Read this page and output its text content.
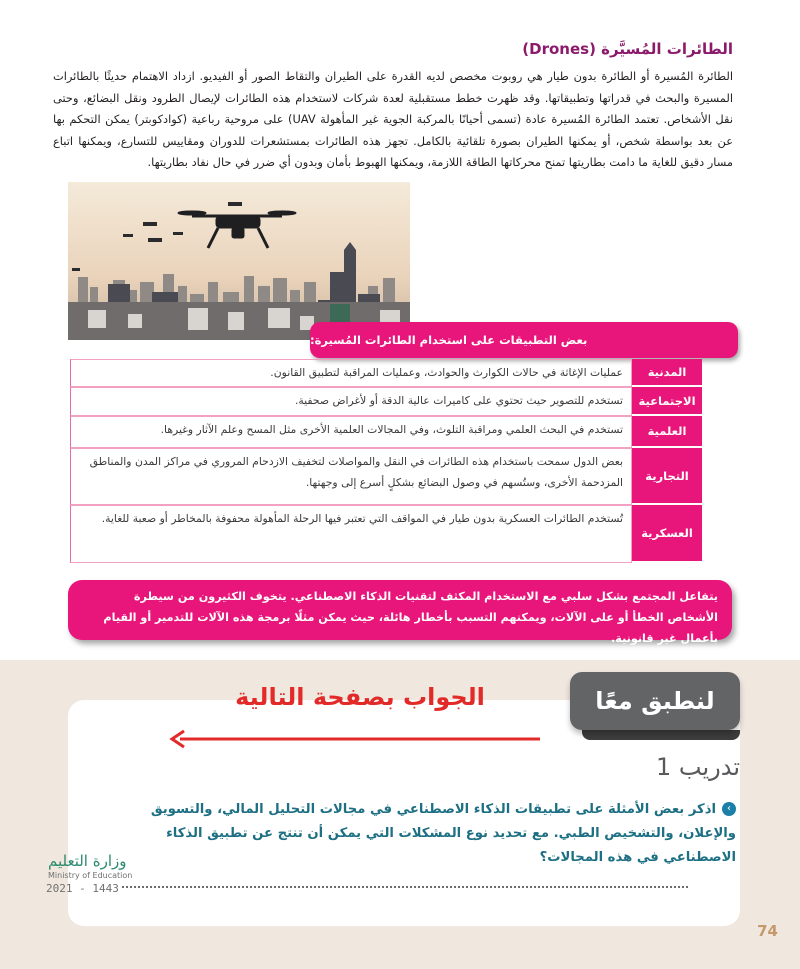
الطائرات المُسيَّرة (Drones)
الطائرة المُسيرة أو الطائرة بدون طيار هي روبوت مخصص لديه القدرة على الطيران والتقاط الصور أو الفيديو. ازداد الاهتمام حديثًا بالطائرات المسيرة والبحث في قدراتها وتطبيقاتها. وقد ظهرت خطط مستقبلية لعدة شركات لاستخدام هذه الطائرات لإيصال الطرود ونقل البضائع، وحتى نقل الأشخاص. تعتمد الطائرة المُسيرة عادة (تسمى أحيانًا بالمركبة الجوية غير المأهولة UAV) على مروحية رباعية (كوادكوبتر) يمكن التحكم بها عن بعد بواسطة شخص، أو يمكنها الطيران بصورة تلقائية بالكامل. تجهز هذه الطائرات بمستشعرات للدوران ومقاييس للتسارع، ويمكنها اتباع مسار دقيق للغاية ما دامت بطاريتها تمنح محركاتها الطاقة اللازمة، ويمكنها الهبوط بأمان وبدون أي ضرر في حال نفاد بطاريتها.
بعض التطبيقات على استخدام الطائرات المُسيرة:
المدنية
عمليات الإغاثة في حالات الكوارث والحوادث، وعمليات المراقبة لتطبيق القانون.
الاجتماعية
تستخدم للتصوير حيث تحتوي على كاميرات عالية الدقة أو لأغراض صحفية.
العلمية
تستخدم في البحث العلمي ومراقبة التلوث، وفي المجالات العلمية الأخرى مثل المسح وعلم الآثار وغيرها.
التجارية
بعض الدول سمحت باستخدام هذه الطائرات في النقل والمواصلات لتخفيف الازدحام المروري في مراكز المدن والمناطق المزدحمة الأخرى، وستُسهم في وصول البضائع بشكلٍ أسرع إلى وجهتها.
العسكرية
تُستخدم الطائرات العسكرية بدون طيار في المواقف التي تعتبر فيها الرحلة المأهولة محفوفة بالمخاطر أو صعبة للغاية.
يتفاعل المجتمع بشكل سلبي مع الاستخدام المكثف لتقنيات الذكاء الاصطناعي. يتخوف الكثيرون من سيطرة الأشخاص الخطأ أو على الآلات، ويمكنهم التسبب بأخطار هائلة، حيث يمكن مثلًا برمجة هذه الآلات للتدمير أو القيام بأعمال غير قانونية.
لنطبق معًا
الجواب بصفحة التالية
تدريب 1
›اذكر بعض الأمثلة على تطبيقات الذكاء الاصطناعي في مجالات التحليل المالي، والتسويق والإعلان، والتشخيص الطبي. مع تحديد نوع المشكلات التي يمكن أن تنتج عن تطبيق الذكاء الاصطناعي في هذه المجالات؟
وزارة التعليم
Ministry of Education
2021 - 1443
74
